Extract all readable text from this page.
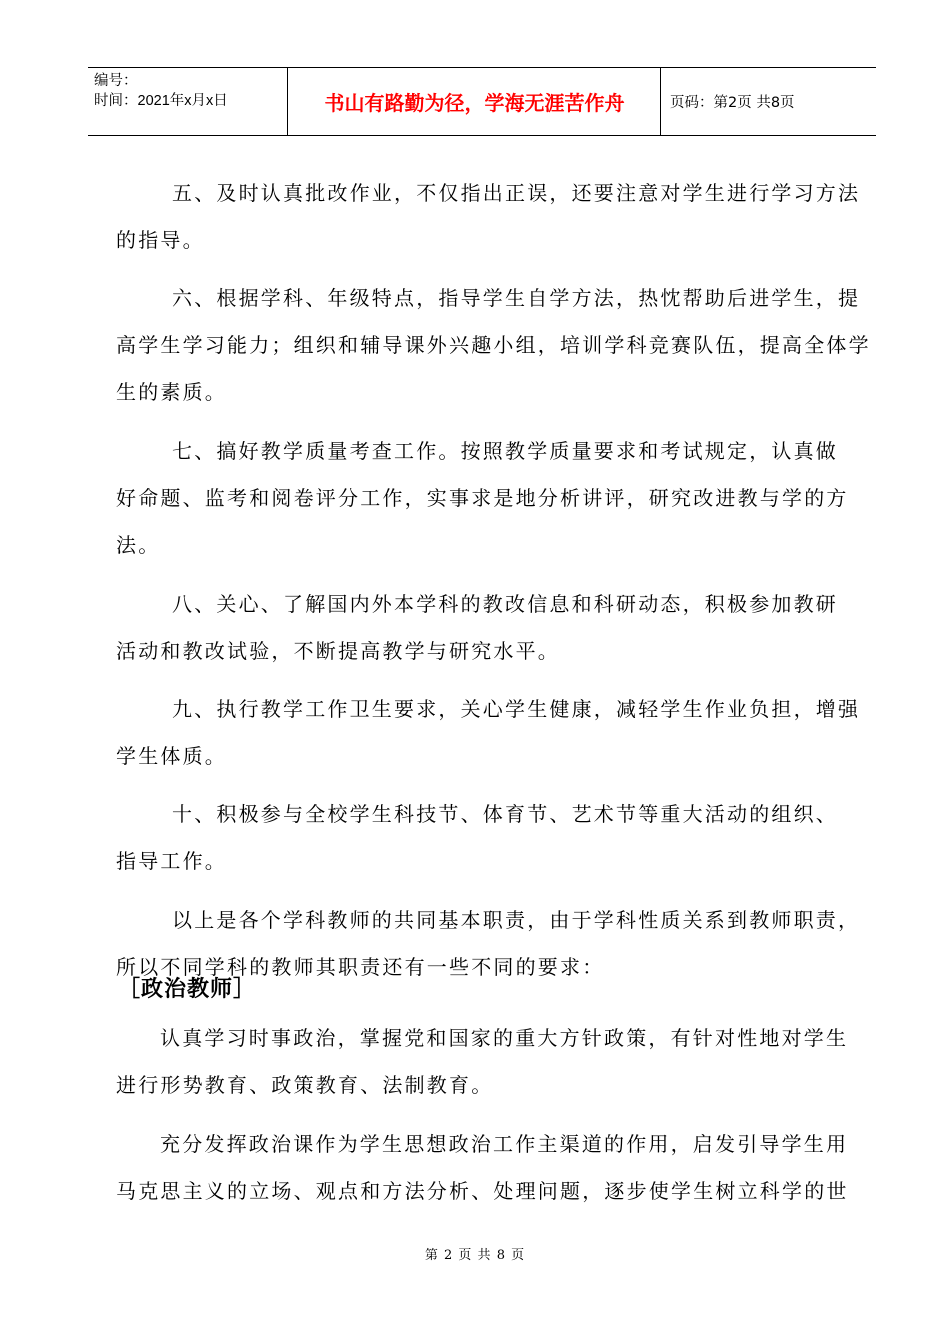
编号：
时间：2021年x月x日	书山有路勤为径，学海无涯苦作舟	页码：第2页 共8页
五、及时认真批改作业，不仅指出正误，还要注意对学生进行学习方法
的指导。
六、根据学科、年级特点，指导学生自学方法，热忱帮助后进学生，提
高学生学习能力；组织和辅导课外兴趣小组，培训学科竞赛队伍，提高全体学
生的素质。
七、搞好教学质量考查工作。按照教学质量要求和考试规定，认真做
好命题、监考和阅卷评分工作，实事求是地分析讲评，研究改进教与学的方
法。
八、关心、了解国内外本学科的教改信息和科研动态，积极参加教研
活动和教改试验，不断提高教学与研究水平。
九、执行教学工作卫生要求，关心学生健康，减轻学生作业负担，增强
学生体质。
十、积极参与全校学生科技节、体育节、艺术节等重大活动的组织、
指导工作。
以上是各个学科教师的共同基本职责，由于学科性质关系到教师职责，
所以不同学科的教师其职责还有一些不同的要求：
［政治教师］
认真学习时事政治，掌握党和国家的重大方针政策，有针对性地对学生
进行形势教育、政策教育、法制教育。
充分发挥政治课作为学生思想政治工作主渠道的作用，启发引导学生用
马克思主义的立场、观点和方法分析、处理问题，逐步使学生树立科学的世
第 2 页 共 8 页
